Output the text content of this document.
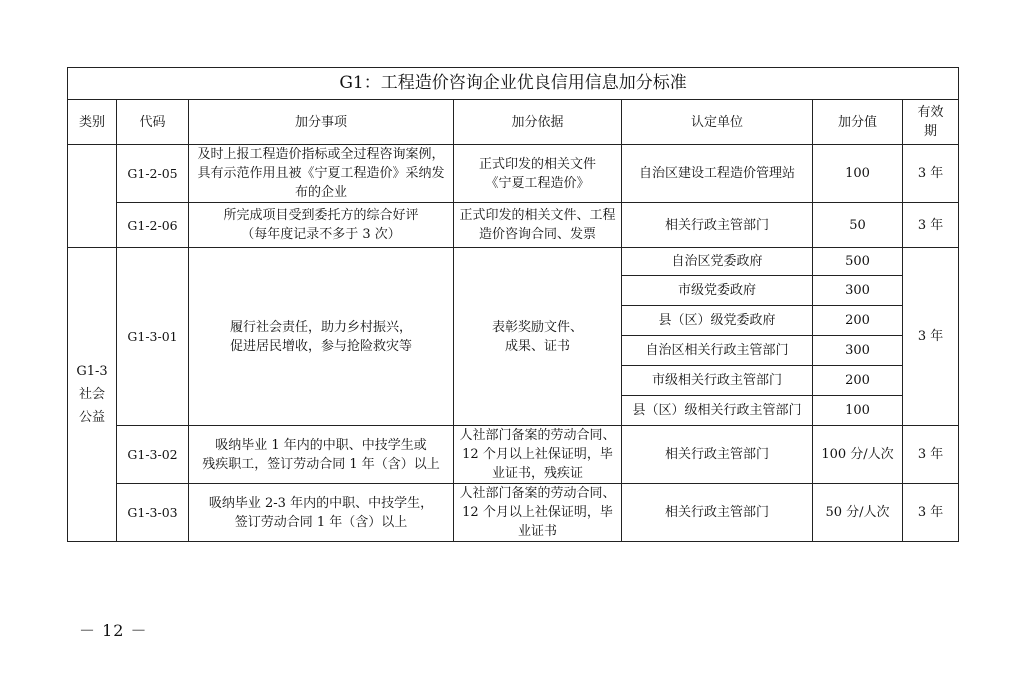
G1：工程造价咨询企业优良信用信息加分标准						
类别	代码	加分事项	加分依据	认定单位	加分值	有效
期

	G1-2-05	及时上报工程造价指标或全过程咨询案例，
具有示范作用且被《宁夏工程造价》采纳发
布的企业	正式印发的相关文件
《宁夏工程造价》	自治区建设工程造价管理站	100	3 年
	G1-2-06	所完成项目受到委托方的综合好评
（每年度记录不多于 3 次）	正式印发的相关文件、工程
造价咨询合同、发票	相关行政主管部门	50	3 年

G1-3
社会
公益	G1-3-01	履行社会责任，助力乡村振兴，
促进居民增收，参与抢险救灾等	表彰奖励文件、
成果、证书	自治区党委政府	500	3 年
				市级党委政府	300	
				县（区）级党委政府	200	
				自治区相关行政主管部门	300	
				市级相关行政主管部门	200	
				县（区）级相关行政主管部门	100	
	G1-3-02	吸纳毕业 1 年内的中职、中技学生或
残疾职工，签订劳动合同 1 年（含）以上	人社部门备案的劳动合同、
12 个月以上社保证明，毕
业证书，残疾证	相关行政主管部门	100 分/人次	3 年
	G1-3-03	吸纳毕业 2-3 年内的中职、中技学生，
签订劳动合同 1 年（含）以上	人社部门备案的劳动合同、
12 个月以上社保证明，毕
业证书	相关行政主管部门	50 分/人次	3 年
－ 12 －
